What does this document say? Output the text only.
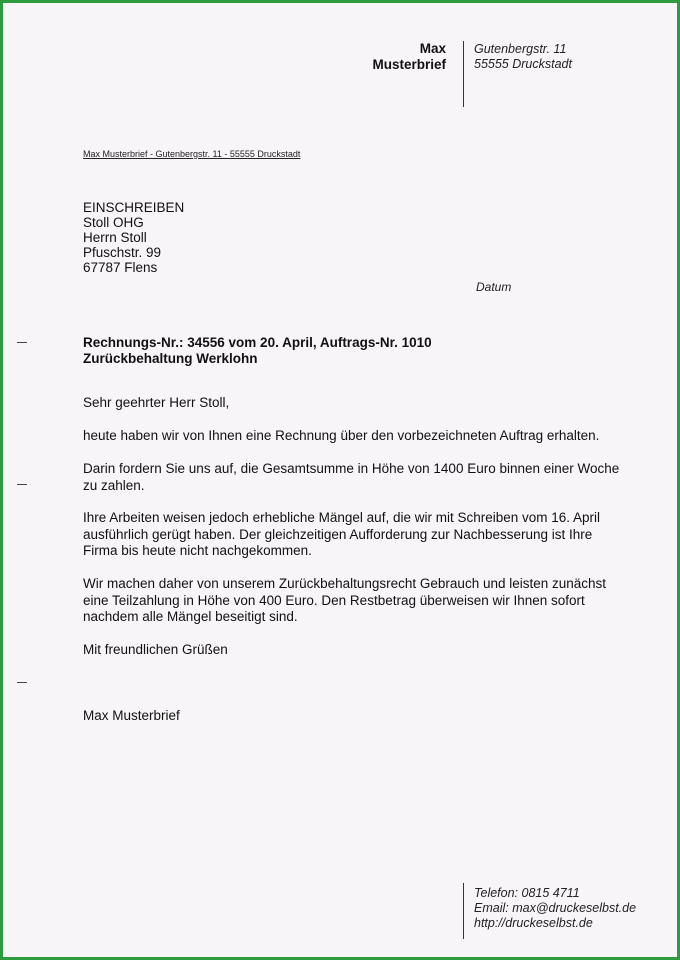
Max
Musterbrief
Gutenbergstr. 11
55555 Druckstadt
Max Musterbrief - Gutenbergstr. 11 - 55555 Druckstadt
EINSCHREIBEN
Stoll OHG
Herrn Stoll
Pfuschstr. 99
67787 Flens
Datum
Rechnungs-Nr.: 34556 vom 20. April, Auftrags-Nr. 1010
Zurückbehaltung Werklohn
Sehr geehrter Herr Stoll,
heute haben wir von Ihnen eine Rechnung über den vorbezeichneten Auftrag erhalten.
Darin fordern Sie uns auf, die Gesamtsumme in Höhe von 1400 Euro binnen einer Woche zu zahlen.
Ihre Arbeiten weisen jedoch erhebliche Mängel auf, die wir mit Schreiben vom 16. April ausführlich gerügt haben. Der gleichzeitigen Aufforderung zur Nachbesserung ist Ihre Firma bis heute nicht nachgekommen.
Wir machen daher von unserem Zurückbehaltungsrecht Gebrauch und leisten zunächst eine Teilzahlung in Höhe von 400 Euro. Den Restbetrag überweisen wir Ihnen sofort nachdem alle Mängel beseitigt sind.
Mit freundlichen Grüßen
Max Musterbrief
Telefon: 0815 4711
Email: max@druckeselbst.de
http://druckeselbst.de
